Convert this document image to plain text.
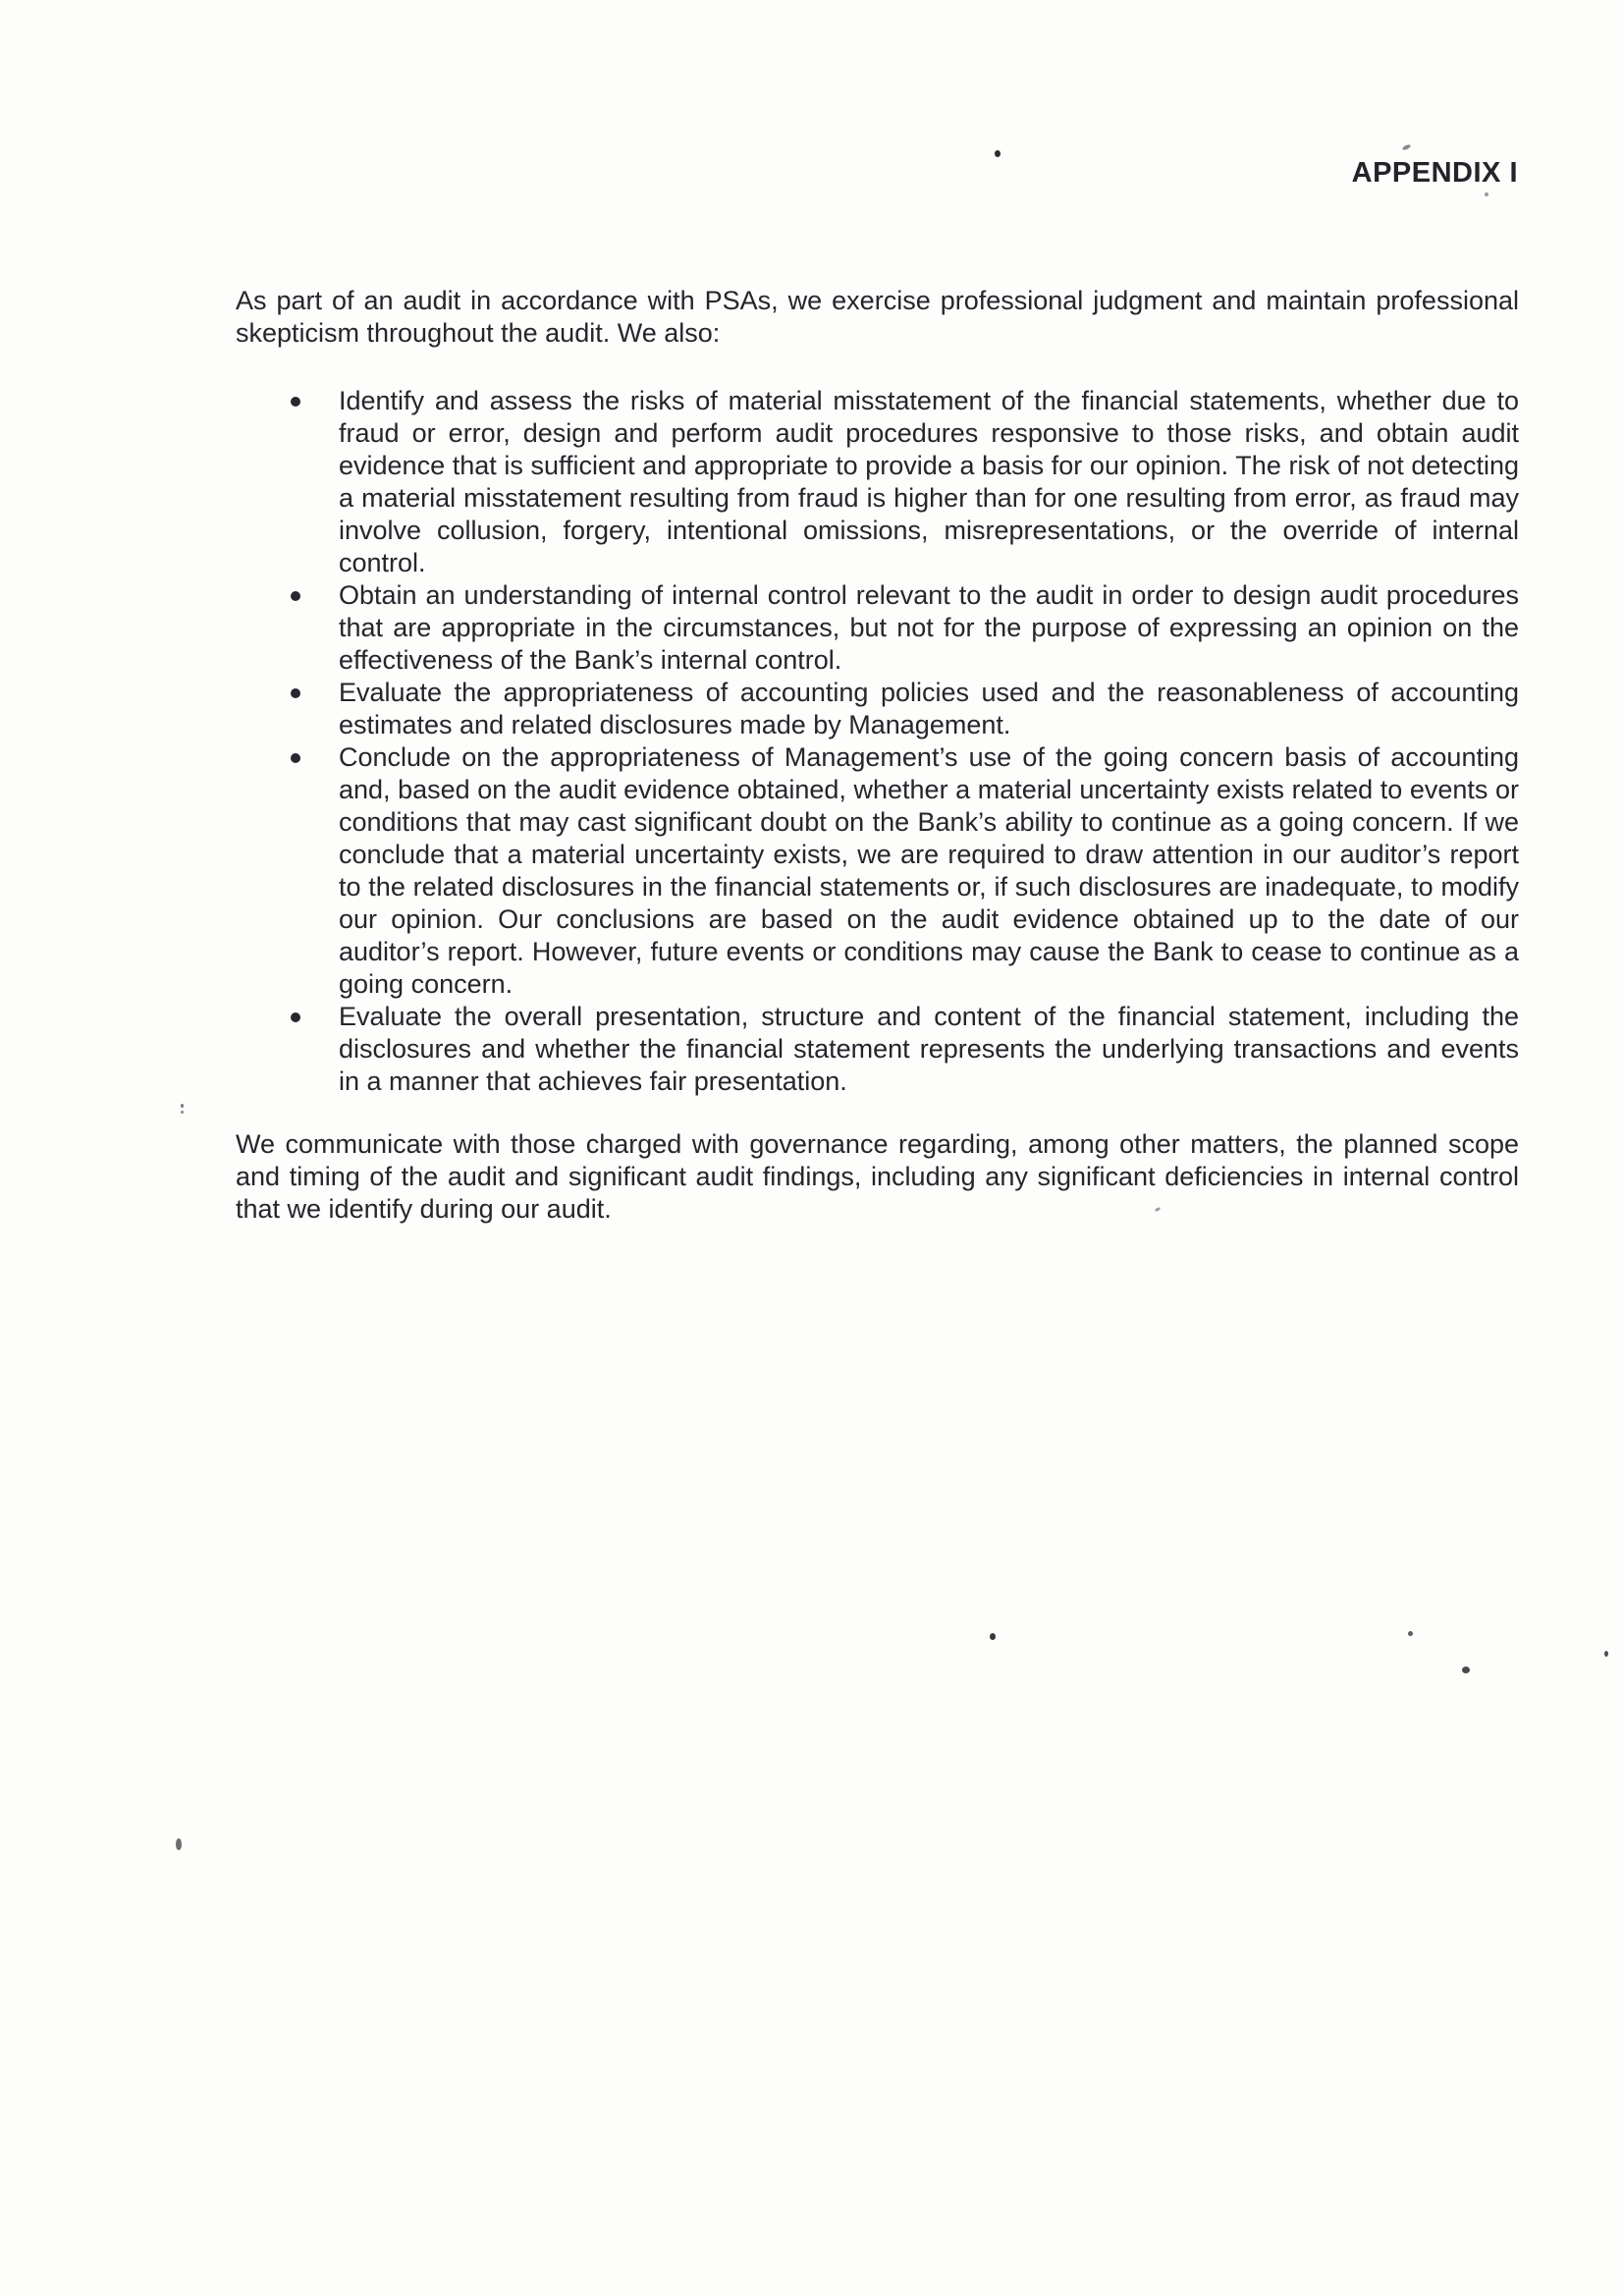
APPENDIX I

As part of an audit in accordance with PSAs, we exercise professional judgment and maintain professional skepticism throughout the audit. We also:

Identify and assess the risks of material misstatement of the financial statements, whether due to fraud or error, design and perform audit procedures responsive to those risks, and obtain audit evidence that is sufficient and appropriate to provide a basis for our opinion. The risk of not detecting a material misstatement resulting from fraud is higher than for one resulting from error, as fraud may involve collusion, forgery, intentional omissions, misrepresentations, or the override of internal control.
Obtain an understanding of internal control relevant to the audit in order to design audit procedures that are appropriate in the circumstances, but not for the purpose of expressing an opinion on the effectiveness of the Bank’s internal control.
Evaluate the appropriateness of accounting policies used and the reasonableness of accounting estimates and related disclosures made by Management.
Conclude on the appropriateness of Management’s use of the going concern basis of accounting and, based on the audit evidence obtained, whether a material uncertainty exists related to events or conditions that may cast significant doubt on the Bank’s ability to continue as a going concern. If we conclude that a material uncertainty exists, we are required to draw attention in our auditor’s report to the related disclosures in the financial statements or, if such disclosures are inadequate, to modify our opinion. Our conclusions are based on the audit evidence obtained up to the date of our auditor’s report. However, future events or conditions may cause the Bank to cease to continue as a going concern.
Evaluate the overall presentation, structure and content of the financial statement, including the disclosures and whether the financial statement represents the underlying transactions and events in a manner that achieves fair presentation.

We communicate with those charged with governance regarding, among other matters, the planned scope and timing of the audit and significant audit findings, including any significant deficiencies in internal control that we identify during our audit.
